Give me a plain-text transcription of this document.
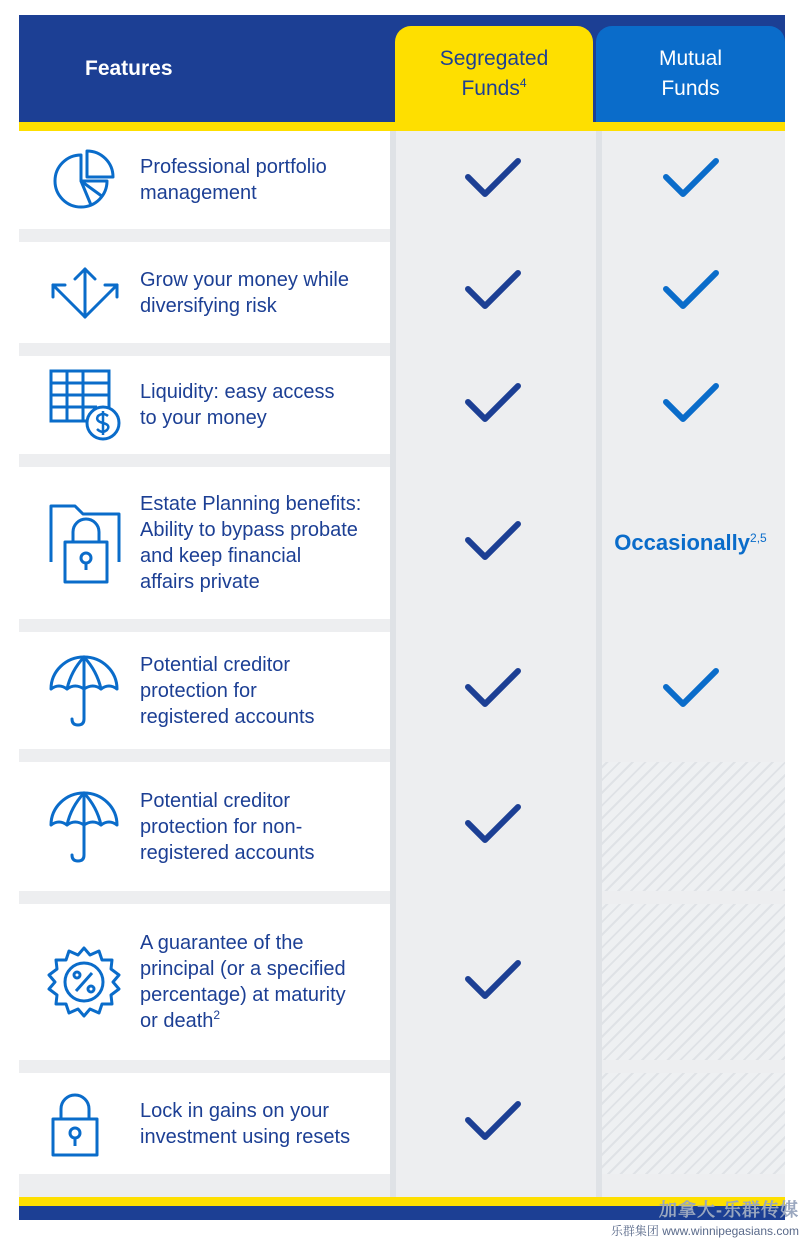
Features	Segregated
Funds$^4$
Mutual
Funds
Professional portfolio
management
Grow your money while
diversifying risk
Liquidity: easy access
to your money
Estate Planning benefits:
Ability to bypass probate
and keep financial
affairs private
Occasionally$^{2,5}$
Potential creditor
protection for
registered accounts
Potential creditor
protection for non-
registered accounts
A guarantee of the
principal (or a specified
percentage) at maturity
or death$^2$
Lock in gains on your
investment using resets
加拿大-乐群传媒
乐群集团 www.winnipegasians.com
